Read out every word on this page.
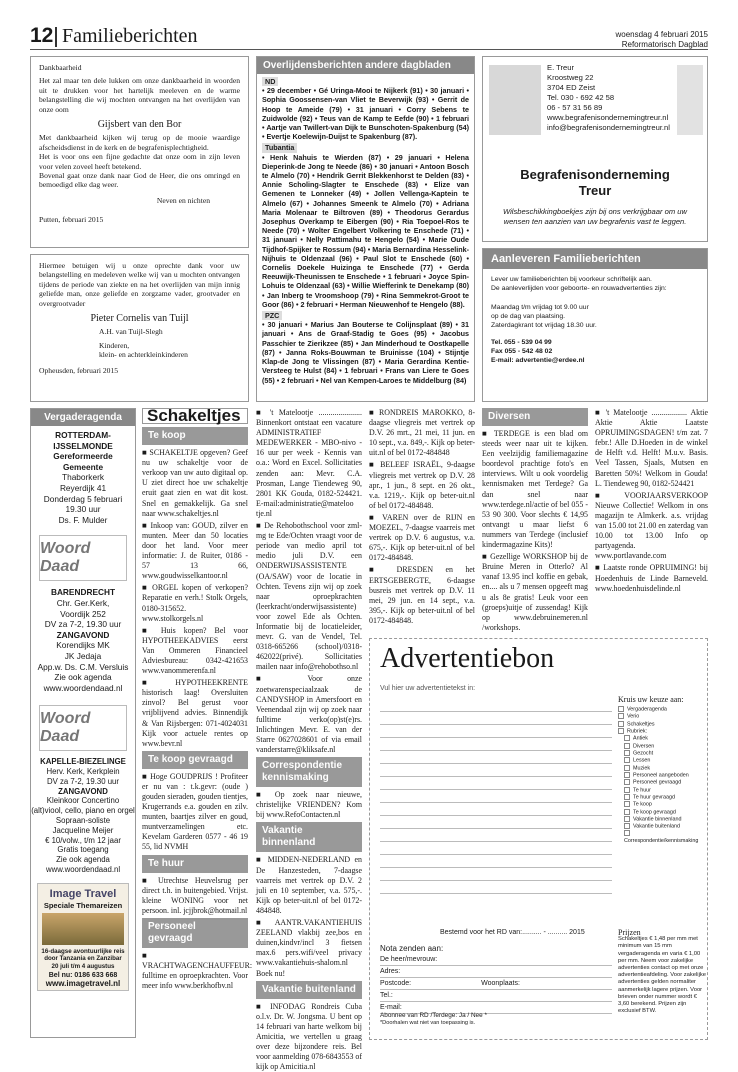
12 Familieberichten	woensdag 4 februari 2015
Reformatorisch Dagblad
Dankbaarheid
Het zal maar ten dele lukken om onze dankbaarheid in woorden uit te drukken voor het hartelijk meeleven en de warme belangstelling die wij mochten ontvangen na het overlijden van onze oom
Gijsbert van den Bor
Met dankbaarheid kijken wij terug op de mooie waardige afscheidsdienst in de kerk en de begrafenisplechtigheid.
Het is voor ons een fijne gedachte dat onze oom in zijn leven voor velen zoveel heeft betekend.
Bovenal gaat onze dank naar God de Heer, die ons omringd en bemoedigd elke dag weer.
Neven en nichten
Putten, februari 2015
Hiermee betuigen wij u onze oprechte dank voor uw belangstelling en medeleven welke wij van u mochten ontvangen tijdens de periode van ziekte en na het overlijden van mijn innig geliefde man, onze geliefde en zorgzame vader, grootvader en overgrootvader
Pieter Cornelis van Tuijl
A.H. van Tuijl-Slegh
Kinderen,
klein- en achterkleinkinderen
Opheusden, februari 2015
Overlijdensberichten andere dagbladen
ND
• 29 december • Gé Uringa-Mooi te Nijkerk (91) • 30 januari • Sophia Goossensen-van Vliet te Beverwijk (93) • Gerrit de Hoop te Ameide (79) • 31 januari • Corry Sebens te Zuidwolde (92) • Teus van de Kamp te Eefde (90) • 1 februari • Aartje van Twillert-van Dijk te Bunschoten-Spakenburg (54) • Evertje Koelewijn-Duijst te Spakenburg (87).
Tubantia
• Henk Nahuis te Wierden (87) • 29 januari • Helena Dieperink-de Jong te Neede (86) • 30 januari • Antoon Bosch te Almelo (70) • Hendrik Gerrit Blekkenhorst te Delden (83) • Annie Scholing-Slagter te Enschede (83) • Elize van Gemenen te Lonneker (49) • Jollen Vellenga-Kaptein te Almelo (67) • Johannes Smeenk te Almelo (70) • Adriana Maria Molenaar te Biltroven (89) • Theodorus Gerardus Josephus Overkamp te Eibergen (90) • Ria Toepoel-Ros te Neede (70) • Wolter Engelbert Volkering te Enschede (71) • 31 januari • Nelly Pattimahu te Hengelo (54) • Marie Oude Tijdhof-Spijker te Rossum (94) • Maria Bernardina Hesselink-Nijhuis te Oldenzaal (96) • Paul Slot te Enschede (60) • Cornelis Doekele Huizinga te Enschede (77) • Gerda Reeuwijk-Theunissen te Enschede • 1 februari • Joyce Spin-Lohuis te Oldenzaal (63) • Willie Wiefferink te Denekamp (80) • Jan Inberg te Vroomshoop (79) • Rina Semmekrot-Groot te Goor (86) • 2 februari • Herman Nieuwenhof te Hengelo (88).
PZC
• 30 januari • Marius Jan Bouterse te Colijnsplaat (89) • 31 januari • Ans de Graaf-Stadig te Goes (95) • Jacobus Passchier te Zierikzee (85) • Jan Minderhoud te Oostkapelle (87) • Janna Roks-Bouwman te Bruinisse (104) • Stijntje Klap-de Jong te Vlissingen (87) • Maria Gerardina Kentie-Versteeg te Hulst (84) • 1 februari • Frans van Liere te Goes (55) • 2 februari • Nel van Kempen-Laroes te Middelburg (84)
E. Treur
Kroostweg 22
3704 ED Zeist
Tel. 030 - 692 42 58
06 - 57 31 56 89
www.begrafenisondernemingtreur.nl
info@begrafenisondernemingtreur.nl
Begrafenisonderneming Treur
Wilsbeschikkingboekjes zijn bij ons verkrijgbaar om uw wensen ten aanzien van uw begrafenis vast te leggen.
Aanleveren Familieberichten
Lever uw familieberichten bij voorkeur schriftelijk aan.
De aanleverlijden voor geboorte- en rouwadvertenties zijn:
Maandag t/m vrijdag tot 9.00 uur
op de dag van plaatsing.
Zaterdagkrant tot vrijdag 18.30 uur.
Tel. 055 - 539 04 99
Fax 055 - 542 48 02
E-mail: advertentie@erdee.nl
Vergaderagenda
ROTTERDAM-IJSSELMONDE
Gereformeerde Gemeente
Thaborkerk
Reyerdijk 41
Donderdag 5 februari
19.30 uur
Ds. F. Mulder
Woord Daad
BARENDRECHT
Chr. Ger.Kerk,
Voordijk 252
DV za 7-2, 19.30 uur
ZANGAVOND
Korendijks MK
JK Jedaja
App.w. Ds. C.M. Versluis
Zie ook agenda
www.woordendaad.nl
Woord Daad
KAPELLE-BIEZELINGE
Herv. Kerk, Kerkplein
DV za 7-2, 19.30 uur
ZANGAVOND
Kleinkoor Concertino
(alt)viool, cello, piano en orgel
Sopraan-soliste
Jacqueline Meijer
€ 10/volw., t/m 12 jaar
Gratis toegang
Zie ook agenda
www.woordendaad.nl
Image Travel
Speciale Themareizen
16-daagse avontuurlijke reis door Tanzania en Zanzibar
20 juli t/m 4 augustus
Bel nu: 0186 633 668
www.imagetravel.nl
Schakeltjes
Te koop

■ SCHAKELTJE opgeven? Geef nu uw schakeltje voor de verkoop van uw auto digitaal op. U ziet direct hoe uw schakeltje eruit gaat zien en wat dit kost. Snel en gemakkelijk. Ga snel naar www.schakeltjes.nl

■ Inkoop van: GOUD, zilver en munten. Meer dan 50 locaties door het land. Voor meer informatie: J. de Ruiter, 0186 - 57 13 66, www.goudwisselkantoor.nl

■ ORGEL kopen of verkopen? Reparatie en verh.! Stolk Orgels, 0180-315652. www.stolkorgels.nl

■ Huis kopen? Bel voor HYPOTHEEKADVIES eerst Van Ommeren Financieel Adviesbureau: 0342-421653 www.vanommerenfa.nl

■ HYPOTHEEKRENTE historisch laag! Oversluiten zinvol? Bel gerust voor vrijblijvend advies. Binnendijk & Van Rijsbergen: 071-4024031 Kijk voor actuele rentes op www.bevr.nl

Te koop gevraagd

■ Hoge GOUDPRIJS ! Profiteer er nu van : t.k.gevr: (oude ) gouden sieraden, gouden tientjes, Krugerrands e.a. gouden en zilv. munten, baartjes zilver en goud, muntverzamelingen etc. Kevelam Garderen 0577 - 46 19 55, lid NVMH

Te huur

■ Utrechtse Heuvelsrug per direct t.h. in buitengebied. Vrijst. kleine WONING voor net persoon. inl. jcjjbrok@hotmail.nl

Personeel gevraagd

■ VRACHTWAGENCHAUFFEUR: fulltime en oproepkrachten. Voor meer info www.berkhofbv.nl

■ 't Matelootje ...................... Binnenkort ontstaat een vacature ADMINISTRATIEF MEDEWERKER - MBO-nivo - 16 uur per week - Kennis van o.a.: Word en Excel. Sollicitaties zenden aan: Mevr. C.A. Prosman, Lange Tiendeweg 90, 2801 KK Gouda, 0182-524421. E-mail:administratie@mateloo tje.nl

■ De Rehobothschool voor zml-mg te Ede/Ochten vraagt voor de periode van medio april tot medio juli D.V. een ONDERWIJSASSISTENTE (OA/SAW) voor de locatie in Ochten. Tevens zijn wij op zoek naar oproepkrachten (leerkracht/onderwijsassistente) voor zowel Ede als Ochten. Informatie bij de locatieleider, mevr. G. van de Vendel, Tel. 0318-665266 (school)/0318-462022(privé). Sollicitaties mailen naar info@rehobothso.nl

■ Voor onze zoetwarenspeciaalzaak de CANDYSHOP in Amersfoort en Veenendaal zijn wij op zoek naar fulltime verko(op)st(e)rs. Inlichtingen Mevr. E. van der Starre 0627028601 of via email vanderstarre@kliksafe.nl

Correspondentie kennismaking

■ Op zoek naar nieuwe, christelijke VRIENDEN? Kom bij www.RefoContacten.nl

Vakantie binnenland

■ MIDDEN-NEDERLAND en De Hanzesteden, 7-daagse vaarreis met vertrek op D.V. 2 juli en 10 september, v.a. 575,-. Kijk op beter-uit.nl of bel 0172-484848.

■ AANTR.VAKANTIEHUIS ZEELAND vlakbij zee,bos en duinen,kindvr/incl 3 fietsen max.6 pers.wifi/veel privacy www.vakantiehuis-shalom.nl Boek nu!

Vakantie buitenland

■ INFODAG Rondreis Cuba o.l.v. Dr. W. Jongsma. U bent op 14 februari van harte welkom bij Amicitia, we vertellen u graag over deze bijzondere reis. Bel voor aanmelding 078-6843553 of kijk op Amicitia.nl

■ RONDREIS MAROKKO, 8-daagse vliegreis met vertrek op D.V. 26 mrt., 21 mei, 11 jun. en 10 sept., v.a. 849,-. Kijk op beter-uit.nl of bel 0172-484848

■ BELEEF ISRAËL, 9-daagse vliegreis met vertrek op D.V. 28 apr., 1 jun., 8 sept. en 26 okt., v.a. 1219,-. Kijk op beter-uit.nl of bel 0172-484848.

■ VAREN over de RIJN en MOEZEL, 7-daagse vaarreis met vertrek op D.V. 6 augustus, v.a. 675,-. Kijk op beter-uit.nl of bel 0172-484848.

■ DRESDEN en het ERTSGEBERGTE, 6-daagse busreis met vertrek op D.V. 11 mei, 29 jun. en 14 sept., v.a. 395,-. Kijk op beter-uit.nl of bel 0172-484848.

Diversen

■ TERDEGE is een blad om steeds weer naar uit te kijken. Een veelzijdig familiemagazine boordevol prachtige foto's en interviews. Wilt u ook voordelig kennismaken met Terdege? Ga dan snel naar www.terdege.nl/actie of bel 055 - 53 90 300. Voor slechts € 14,95 ontvangt u maar liefst 6 nummers van Terdege (inclusief kindermagazine Kits)!

■ Gezellige WORKSHOP bij de Bruine Meren in Otterlo? Al vanaf 13.95 incl koffie en gebak, en.... als u 7 mensen opgeeft mag u als 8e gratis! Leuk voor een (groeps)uitje of zussendag! Kijk op www.debruinemeren.nl /workshops.

■ 't Matelootje .................. Aktie Aktie Aktie Laatste OPRUIMINGSDAGEN! t/m zat. 7 febr.! Alle D.Hoeden in de winkel de Helft v.d. Helft! M.u.v. Basis. Veel Tassen, Sjaals, Mutsen en Baretten 50%! Welkom in Gouda! L. Tiendeweg 90, 0182-524421

■ VOORJAARSVERKOOP Nieuwe Collectie! Welkom in ons magazijn te Almkerk. a.s. vrijdag van 15.00 tot 21.00 en zaterdag van 10.00 tot 13.00 Info op partyagenda. www.portlavande.com

■ Laatste ronde OPRUIMING! bij Hoedenhuis de Linde Barneveld. www.hoedenhuisdelinde.nl

Advertentiebon
Vul hier uw advertentietekst in:
Kruis uw keuze aan:
Vergaderagenda
Verio
Schakeltjes
Rubriek:
Antiek
Diversen
Gezocht
Lessen
Muziek
Personeel aangeboden
Personeel gevraagd
Te huur
Te huur gevraagd
Te koop
Te koop gevraagd
Vakantie binnenland
Vakantie buitenland
Correspondentie/kennismaking
Bestemd voor het RD van:.......... - .......... 2015
Nota zenden aan:
De heer/mevrouw:
Adres:
Postcode:	Woonplaats:
Tel.:
E-mail:
Abonnee van RD /Terdege: Ja / Nee *
*Doorhalen wat niet van toepassing is.
Prijzen
Schakeltjes € 1,48 per mm met minimum van 15 mm vergaderagenda en varia € 1,00 per mm. Neem voor zakelijke advertenties contact op met onze advertentieafdeling. Voor zakelijke advertenties gelden normaliter aanmerkelijk lagere prijzen. Voor brieven onder nummer wordt € 3,60 berekend. Prijzen zijn exclusief BTW.
